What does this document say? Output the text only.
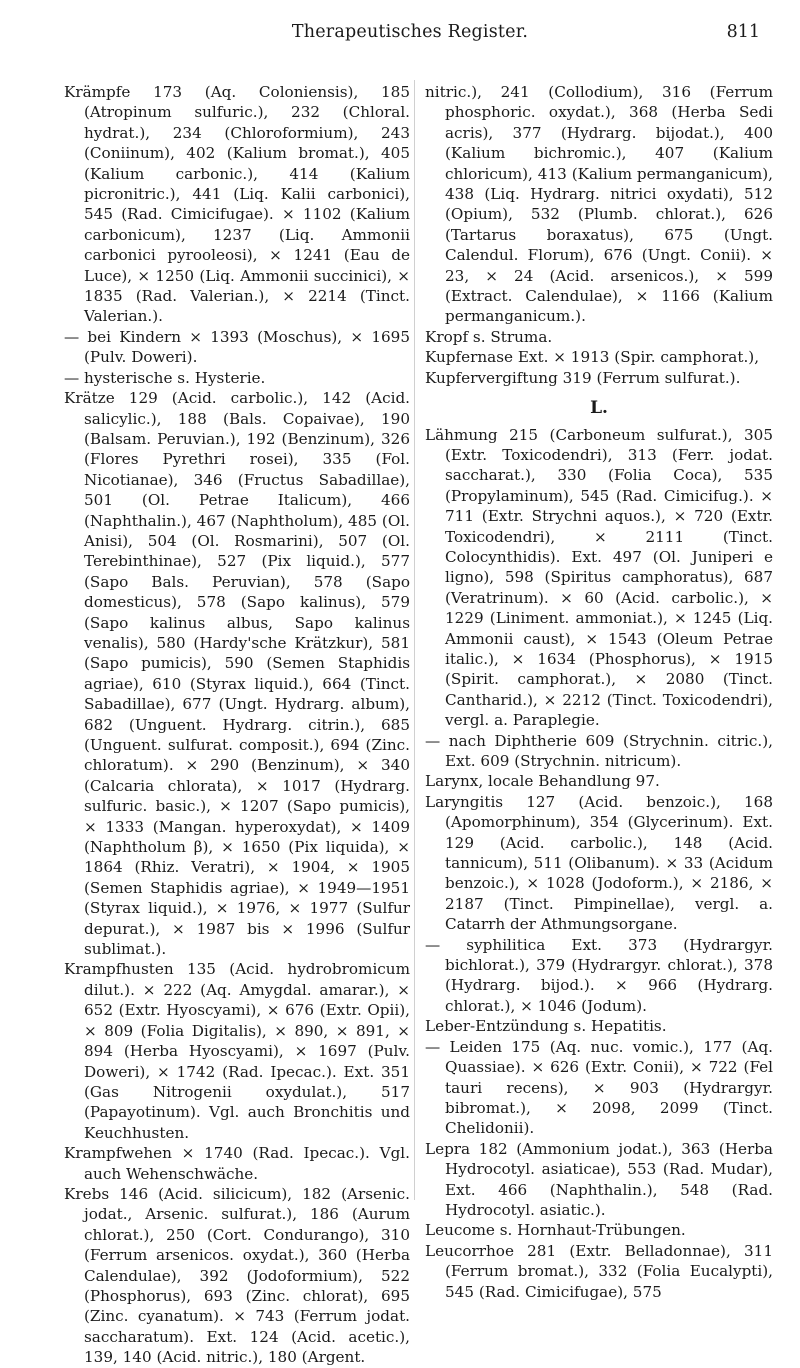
Therapeutisches Register.	811

Krämpfe 173 (Aq. Coloniensis), 185 (Atropinum sulfuric.), 232 (Chloral. hydrat.), 234 (Chloroformium), 243 (Coniinum), 402 (Kalium bromat.), 405 (Kalium carbonic.), 414 (Kalium picronitric.), 441 (Liq. Kalii carbonici), 545 (Rad. Cimicifugae). × 1102 (Kalium carbonicum), 1237 (Liq. Ammonii carbonici pyrooleosi), × 1241 (Eau de Luce), × 1250 (Liq. Ammonii succinici), × 1835 (Rad. Valerian.), × 2214 (Tinct. Valerian.).

— bei Kindern × 1393 (Moschus), × 1695 (Pulv. Doweri).

— hysterische s. Hysterie.

Krätze 129 (Acid. carbolic.), 142 (Acid. salicylic.), 188 (Bals. Copaivae), 190 (Balsam. Peruvian.), 192 (Benzinum), 326 (Flores Pyrethri rosei), 335 (Fol. Nicotianae), 346 (Fructus Sabadillae), 501 (Ol. Petrae Italicum), 466 (Naphthalin.), 467 (Naphtholum), 485 (Ol. Anisi), 504 (Ol. Rosmarini), 507 (Ol. Terebinthinae), 527 (Pix liquid.), 577 (Sapo Bals. Peruvian), 578 (Sapo domesticus), 578 (Sapo kalinus), 579 (Sapo kalinus albus, Sapo kalinus venalis), 580 (Hardy'sche Krätzkur), 581 (Sapo pumicis), 590 (Semen Staphidis agriae), 610 (Styrax liquid.), 664 (Tinct. Sabadillae), 677 (Ungt. Hydrarg. album), 682 (Unguent. Hydrarg. citrin.), 685 (Unguent. sulfurat. composit.), 694 (Zinc. chloratum). × 290 (Benzinum), × 340 (Calcaria chlorata), × 1017 (Hydrarg. sulfuric. basic.), × 1207 (Sapo pumicis), × 1333 (Mangan. hyperoxydat), × 1409 (Naphtholum β), × 1650 (Pix liquida), × 1864 (Rhiz. Veratri), × 1904, × 1905 (Semen Staphidis agriae), × 1949—1951 (Styrax liquid.), × 1976, × 1977 (Sulfur depurat.), × 1987 bis × 1996 (Sulfur sublimat.).

Krampfhusten 135 (Acid. hydrobromicum dilut.). × 222 (Aq. Amygdal. amarar.), × 652 (Extr. Hyoscyami), × 676 (Extr. Opii), × 809 (Folia Digitalis), × 890, × 891, × 894 (Herba Hyoscyami), × 1697 (Pulv. Doweri), × 1742 (Rad. Ipecac.). Ext. 351 (Gas Nitrogenii oxydulat.), 517 (Papayotinum). Vgl. auch Bronchitis und Keuchhusten.

Krampfwehen × 1740 (Rad. Ipecac.). Vgl. auch Wehenschwäche.

Krebs 146 (Acid. silicicum), 182 (Arsenic. jodat., Arsenic. sulfurat.), 186 (Aurum chlorat.), 250 (Cort. Condurango), 310 (Ferrum arsenicos. oxydat.), 360 (Herba Calendulae), 392 (Jodoformium), 522 (Phosphorus), 693 (Zinc. chlorat), 695 (Zinc. cyanatum). × 743 (Ferrum jodat. saccharatum). Ext. 124 (Acid. acetic.), 139, 140 (Acid. nitric.), 180 (Argent.

nitric.), 241 (Collodium), 316 (Ferrum phosphoric. oxydat.), 368 (Herba Sedi acris), 377 (Hydrarg. bijodat.), 400 (Kalium bichromic.), 407 (Kalium chloricum), 413 (Kalium permanganicum), 438 (Liq. Hydrarg. nitrici oxydati), 512 (Opium), 532 (Plumb. chlorat.), 626 (Tartarus boraxatus), 675 (Ungt. Calendul. Florum), 676 (Ungt. Conii). × 23, × 24 (Acid. arsenicos.), × 599 (Extract. Calendulae), × 1166 (Kalium permanganicum.).

Kropf s. Struma.

Kupfernase Ext. × 1913 (Spir. camphorat.),

Kupfervergiftung 319 (Ferrum sulfurat.).

L.

Lähmung 215 (Carboneum sulfurat.), 305 (Extr. Toxicodendri), 313 (Ferr. jodat. saccharat.), 330 (Folia Coca), 535 (Propylaminum), 545 (Rad. Cimicifug.). × 711 (Extr. Strychni aquos.), × 720 (Extr. Toxicodendri), × 2111 (Tinct. Colocynthidis). Ext. 497 (Ol. Juniperi e ligno), 598 (Spiritus camphoratus), 687 (Veratrinum). × 60 (Acid. carbolic.), × 1229 (Liniment. ammoniat.), × 1245 (Liq. Ammonii caust), × 1543 (Oleum Petrae italic.), × 1634 (Phosphorus), × 1915 (Spirit. camphorat.), × 2080 (Tinct. Cantharid.), × 2212 (Tinct. Toxicodendri), vergl. a. Paraplegie.

— nach Diphtherie 609 (Strychnin. citric.), Ext. 609 (Strychnin. nitricum).

Larynx, locale Behandlung 97.

Laryngitis 127 (Acid. benzoic.), 168 (Apomorphinum), 354 (Glycerinum). Ext. 129 (Acid. carbolic.), 148 (Acid. tannicum), 511 (Olibanum). × 33 (Acidum benzoic.), × 1028 (Jodoform.), × 2186, × 2187 (Tinct. Pimpinellae), vergl. a. Catarrh der Athmungsorgane.

— syphilitica Ext. 373 (Hydrargyr. bichlorat.), 379 (Hydrargyr. chlorat.), 378 (Hydrarg. bijod.). × 966 (Hydrarg. chlorat.), × 1046 (Jodum).

Leber-Entzündung s. Hepatitis.

— Leiden 175 (Aq. nuc. vomic.), 177 (Aq. Quassiae). × 626 (Extr. Conii), × 722 (Fel tauri recens), × 903 (Hydrargyr. bibromat.), × 2098, 2099 (Tinct. Chelidonii).

Lepra 182 (Ammonium jodat.), 363 (Herba Hydrocotyl. asiaticae), 553 (Rad. Mudar), Ext. 466 (Naphthalin.), 548 (Rad. Hydrocotyl. asiatic.).

Leucome s. Hornhaut-Trübungen.

Leucorrhoe 281 (Extr. Belladonnae), 311 (Ferrum bromat.), 332 (Folia Eucalypti), 545 (Rad. Cimicifugae), 575
